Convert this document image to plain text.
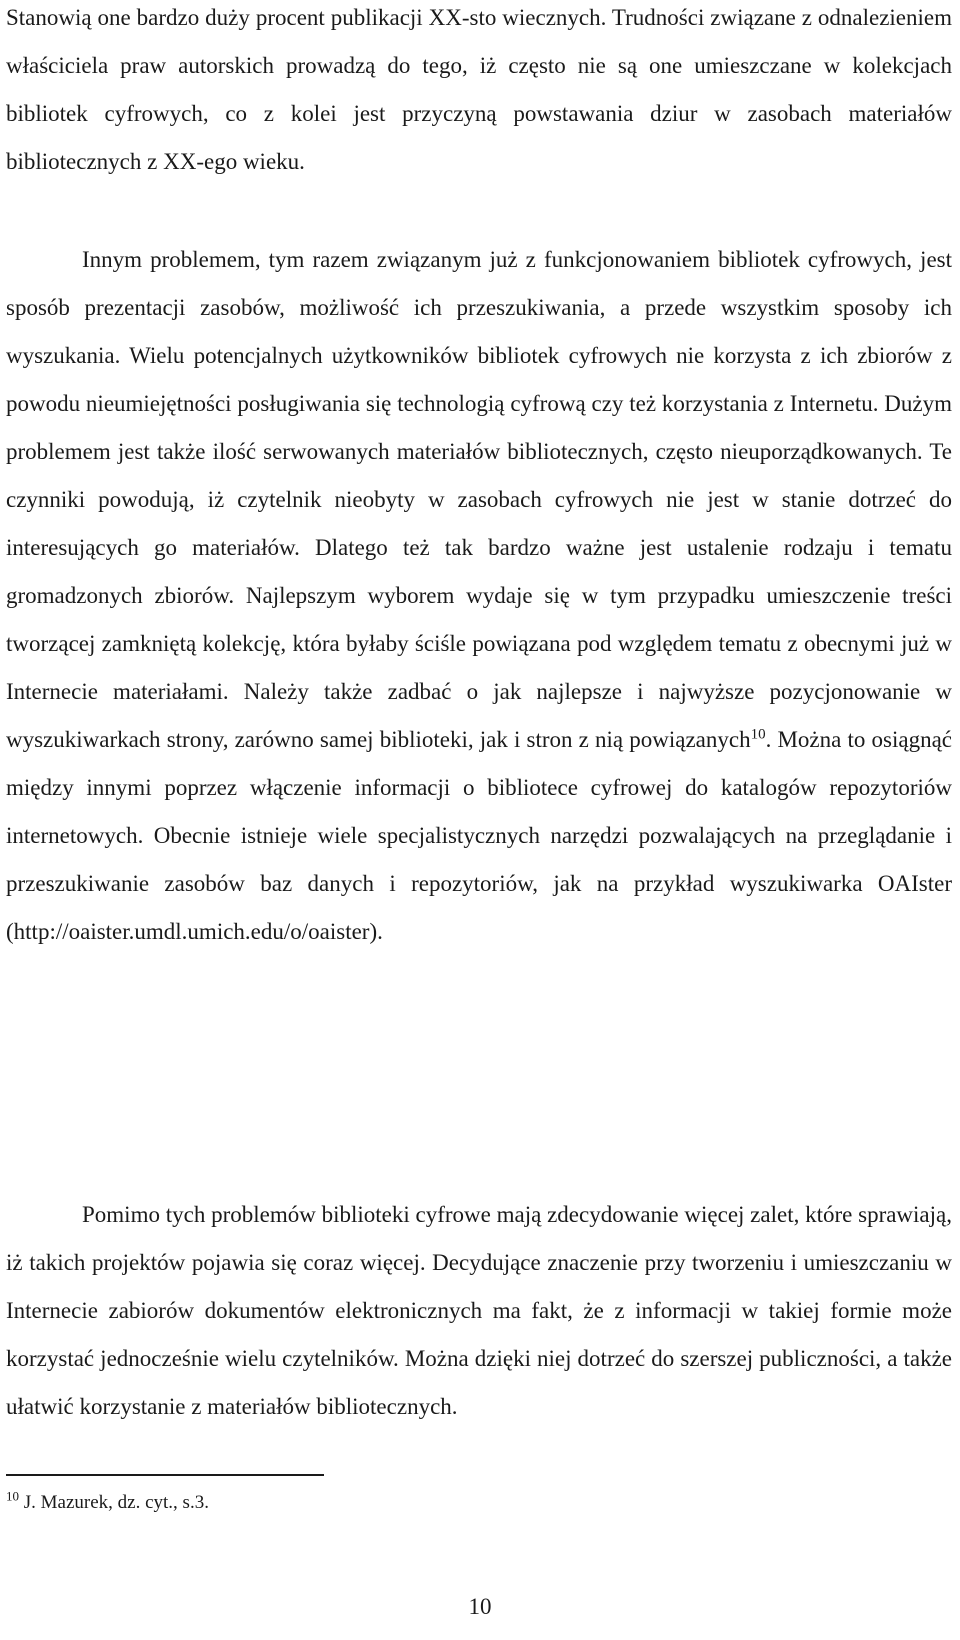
Stanowią one bardzo duży procent publikacji XX-sto wiecznych. Trudności związane z odnalezieniem właściciela praw autorskich prowadzą do tego, iż często nie są one umieszczane w kolekcjach bibliotek cyfrowych, co z kolei jest przyczyną powstawania dziur w zasobach materiałów bibliotecznych z XX-ego wieku.

Innym problemem, tym razem związanym już z funkcjonowaniem bibliotek cyfrowych, jest sposób prezentacji zasobów, możliwość ich przeszukiwania, a przede wszystkim sposoby ich wyszukania. Wielu potencjalnych użytkowników bibliotek cyfrowych nie korzysta z ich zbiorów z powodu nieumiejętności posługiwania się technologią cyfrową czy też korzystania z Internetu. Dużym problemem jest także ilość serwowanych materiałów bibliotecznych, często nieuporządkowanych. Te czynniki powodują, iż czytelnik nieobyty w zasobach cyfrowych nie jest w stanie dotrzeć do interesujących go materiałów. Dlatego też tak bardzo ważne jest ustalenie rodzaju i tematu gromadzonych zbiorów. Najlepszym wyborem wydaje się w tym przypadku umieszczenie treści tworzącej zamkniętą kolekcję, która byłaby ściśle powiązana pod względem tematu z obecnymi już w Internecie materiałami. Należy także zadbać o jak najlepsze i najwyższe pozycjonowanie w wyszukiwarkach strony, zarówno samej biblioteki, jak i stron z nią powiązanych$^{10}$. Można to osiągnąć między innymi poprzez włączenie informacji o bibliotece cyfrowej do katalogów repozytoriów internetowych. Obecnie istnieje wiele specjalistycznych narzędzi pozwalających na przeglądanie i przeszukiwanie zasobów baz danych i repozytoriów, jak na przykład wyszukiwarka OAIster (http://oaister.umdl.umich.edu/o/oaister).

Pomimo tych problemów biblioteki cyfrowe mają zdecydowanie więcej zalet, które sprawiają, iż takich projektów pojawia się coraz więcej. Decydujące znaczenie przy tworzeniu i umieszczaniu w Internecie zabiorów dokumentów elektronicznych ma fakt, że z informacji w takiej formie może korzystać jednocześnie wielu czytelników. Można dzięki niej dotrzeć do szerszej publiczności, a także ułatwić korzystanie z materiałów bibliotecznych.

$^{10}$ J. Mazurek, dz. cyt., s.3.

10
